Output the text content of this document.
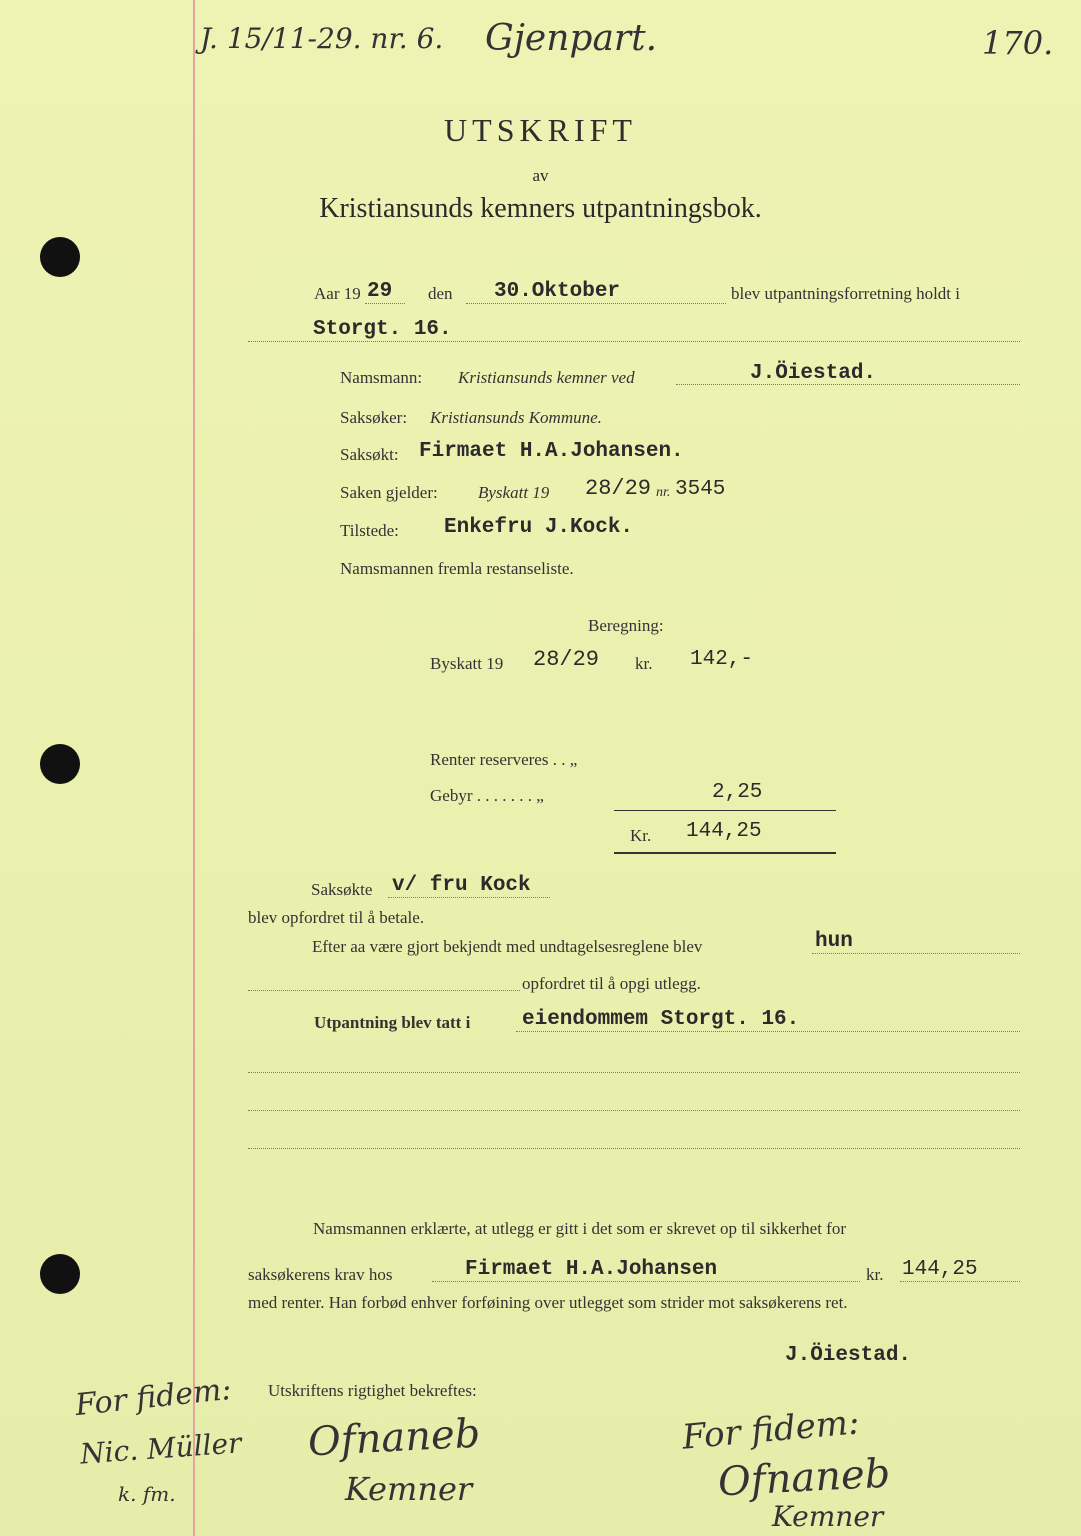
J. 15/11-29. nr. 6. Gjenpart.	170.
UTSKRIFT
av
Kristiansunds kemners utpantningsbok.
Aar 19 29 den 30.Oktober	blev utpantningsforretning holdt i
Storgt. 16.
Namsmann: Kristiansunds kemner ved	J.Öiestad.
Saksøker: Kristiansunds Kommune.
Saksøkt: Firmaet H.A.Johansen.
Saken gjelder: Byskatt 19 28/29 nr. 3545
Tilstede: Enkefru J.Kock.
Namsmannen fremla restanseliste.
Beregning:
Byskatt 19 28/29 kr. 142,-
Renter reserveres . . „
Gebyr . . . . . . . „	2,25
Kr. 144,25
Saksøkte v/ fru Kock
blev opfordret til å betale.
Efter aa være gjort bekjendt med undtagelsesreglene blev	hun
opfordret til å opgi utlegg.
Utpantning blev tatt i eiendommem Storgt. 16.
Namsmannen erklærte, at utlegg er gitt i det som er skrevet op til sikkerhet for
saksøkerens krav hos	Firmaet H.A.Johansen	kr. 144,25
med renter. Han forbød enhver forføining over utlegget som strider mot saksøkerens ret.
J.Öiestad.
Utskriftens rigtighet bekreftes:
For fidem:
Nic. Müller
k. fm.
Ofnaneb
Kemner
For fidem:
Ofnaneb
Kemner
